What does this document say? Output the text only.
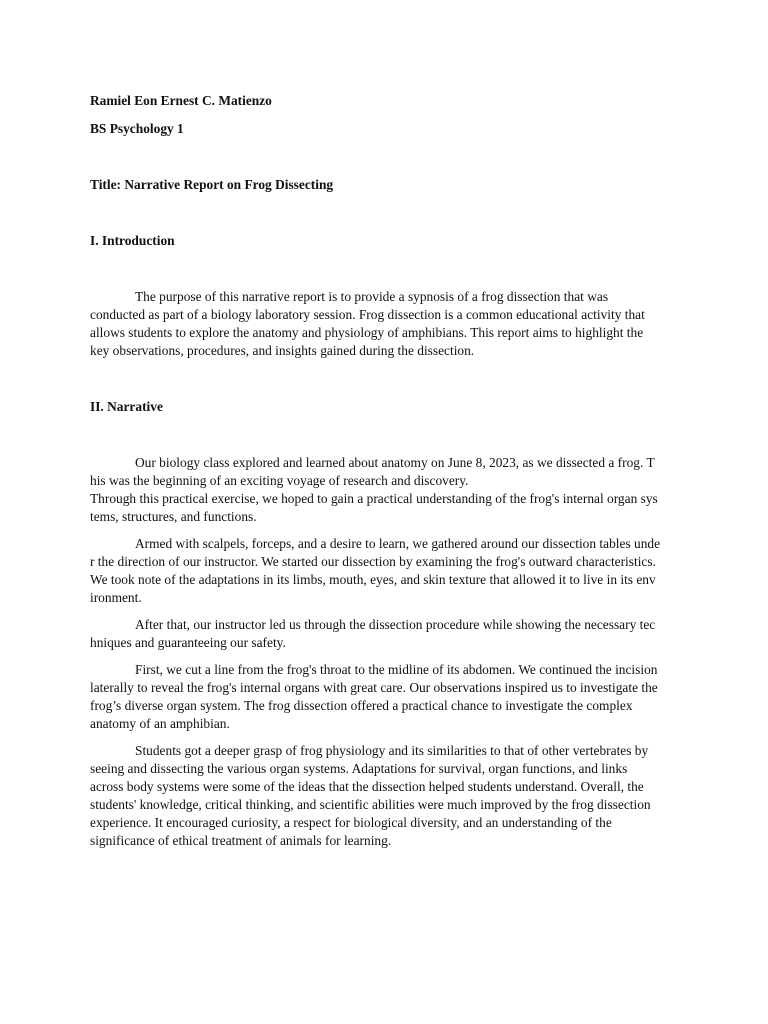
Ramiel Eon Ernest C. Matienzo

BS Psychology 1

Title: Narrative Report on Frog Dissecting

I. Introduction

The purpose of this narrative report is to provide a sypnosis of a frog dissection that was
conducted as part of a biology laboratory session. Frog dissection is a common educational activity that
allows students to explore the anatomy and physiology of amphibians. This report aims to highlight the
key observations, procedures, and insights gained during the dissection.

II. Narrative

Our biology class explored and learned about anatomy on June 8, 2023, as we dissected a frog. T
his was the beginning of an exciting voyage of research and discovery.
Through this practical exercise, we hoped to gain a practical understanding of the frog's internal organ sys
tems, structures, and functions.
Armed with scalpels, forceps, and a desire to learn, we gathered around our dissection tables unde
r the direction of our instructor. We started our dissection by examining the frog's outward characteristics.
We took note of the adaptations in its limbs, mouth, eyes, and skin texture that allowed it to live in its env
ironment.
After that, our instructor led us through the dissection procedure while showing the necessary tec
hniques and guaranteeing our safety.
First, we cut a line from the frog's throat to the midline of its abdomen. We continued the incision
laterally to reveal the frog's internal organs with great care. Our observations inspired us to investigate the
frog’s diverse organ system. The frog dissection offered a practical chance to investigate the complex
anatomy of an amphibian.
Students got a deeper grasp of frog physiology and its similarities to that of other vertebrates by
seeing and dissecting the various organ systems. Adaptations for survival, organ functions, and links
across body systems were some of the ideas that the dissection helped students understand. Overall, the
students' knowledge, critical thinking, and scientific abilities were much improved by the frog dissection
experience. It encouraged curiosity, a respect for biological diversity, and an understanding of the
significance of ethical treatment of animals for learning.
